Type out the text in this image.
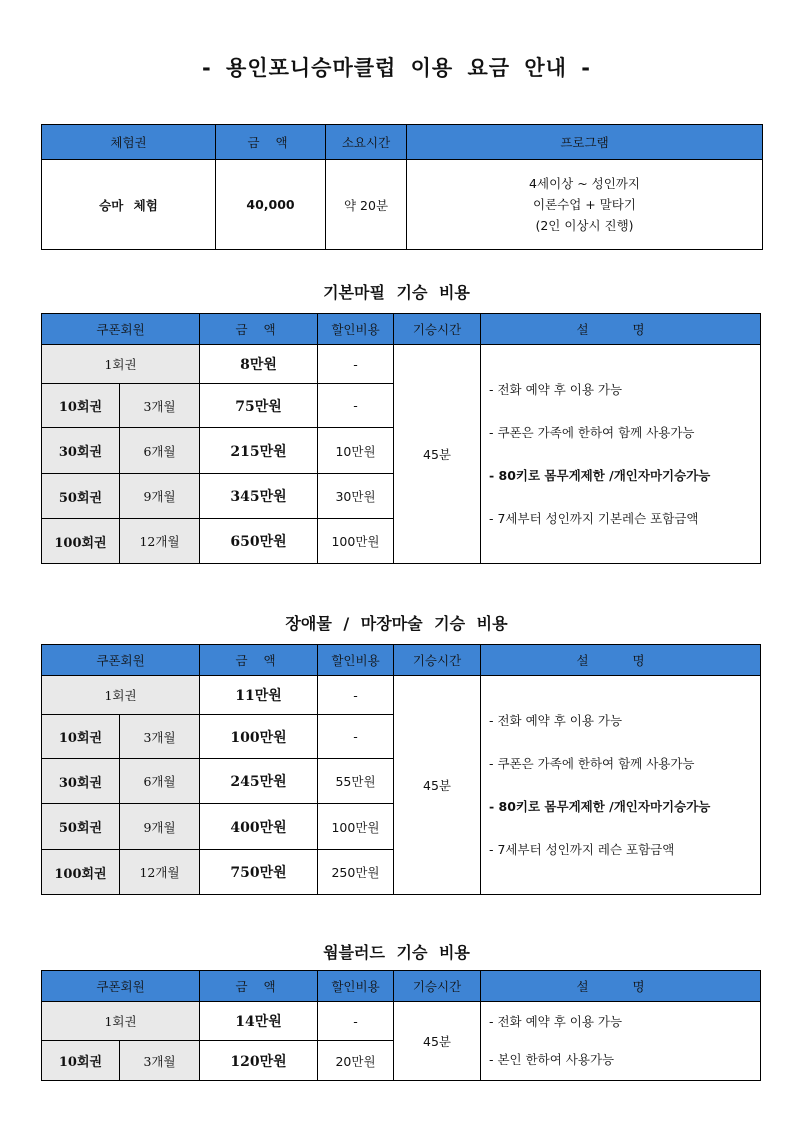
- 용인포니승마클럽 이용 요금 안내 -
체험권	금 액	소요시간	프로그램
승마 체험	40,000	약 20분	4세이상 ~ 성인까지
이론수업 + 말타기
(2인 이상시 진행)
기본마필 기승 비용
쿠폰회원		금 액	할인비용	기승시간	설 명
1회권		8만원	-	45분	- 전화 예약 후 이용 가능
- 쿠폰은 가족에 한하여 함께 사용가능
- 80키로 몸무게제한 /개인자마기승가능
- 7세부터 성인까지 기본레슨 포함금액

10회권	3개월	75만원	-		
30회권	6개월	215만원	10만원		
50회권	9개월	345만원	30만원		
100회권	12개월	650만원	100만원		
장애물 / 마장마술 기승 비용
쿠폰회원		금 액	할인비용	기승시간	설 명
1회권		11만원	-	45분	- 전화 예약 후 이용 가능
- 쿠폰은 가족에 한하여 함께 사용가능
- 80키로 몸무게제한 /개인자마기승가능
- 7세부터 성인까지 레슨 포함금액

10회권	3개월	100만원	-		
30회권	6개월	245만원	55만원		
50회권	9개월	400만원	100만원		
100회권	12개월	750만원	250만원		
웜블러드 기승 비용
쿠폰회원		금 액	할인비용	기승시간	설 명
1회권		14만원	-	45분	- 전화 예약 후 이용 가능
- 본인 한하여 사용가능

10회권	3개월	120만원	20만원		
